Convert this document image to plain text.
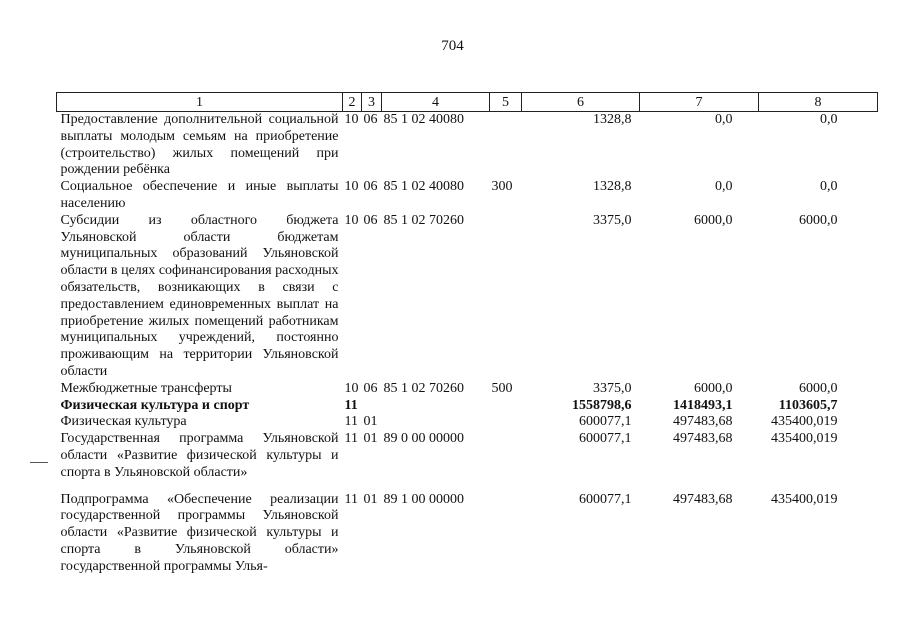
704
1	2	3	4	5	6	7	8
Предоставление дополнительной социальной выплаты молодым семьям на приобретение (строительство) жилых помещений при рождении ребёнка	10	06	85 1 02 40080		1328,8	0,0	0,0
Социальное обеспечение и иные выплаты населению	10	06	85 1 02 40080	300	1328,8	0,0	0,0
Субсидии из областного бюджета Ульяновской области бюджетам муниципальных образований Ульяновской области в целях софинансирования расходных обязательств, возникающих в связи с предоставлением единовременных выплат на приобретение жилых помещений работникам муниципальных учреждений, постоянно проживающим на территории Ульяновской области	10	06	85 1 02 70260		3375,0	6000,0	6000,0
Межбюджетные трансферты	10	06	85 1 02 70260	500	3375,0	6000,0	6000,0
Физическая культура и спорт	11				1558798,6	1418493,1	1103605,7
Физическая культура	11	01			600077,1	497483,68	435400,019
Государственная программа Ульяновской области «Развитие физической культуры и спорта в Ульяновской области»	11	01	89 0 00 00000		600077,1	497483,68	435400,019
Подпрограмма «Обеспечение реализации государственной программы Ульяновской области «Развитие физической культуры и спорта в Ульяновской области» государственной программы Улья-	11	01	89 1 00 00000		600077,1	497483,68	435400,019
